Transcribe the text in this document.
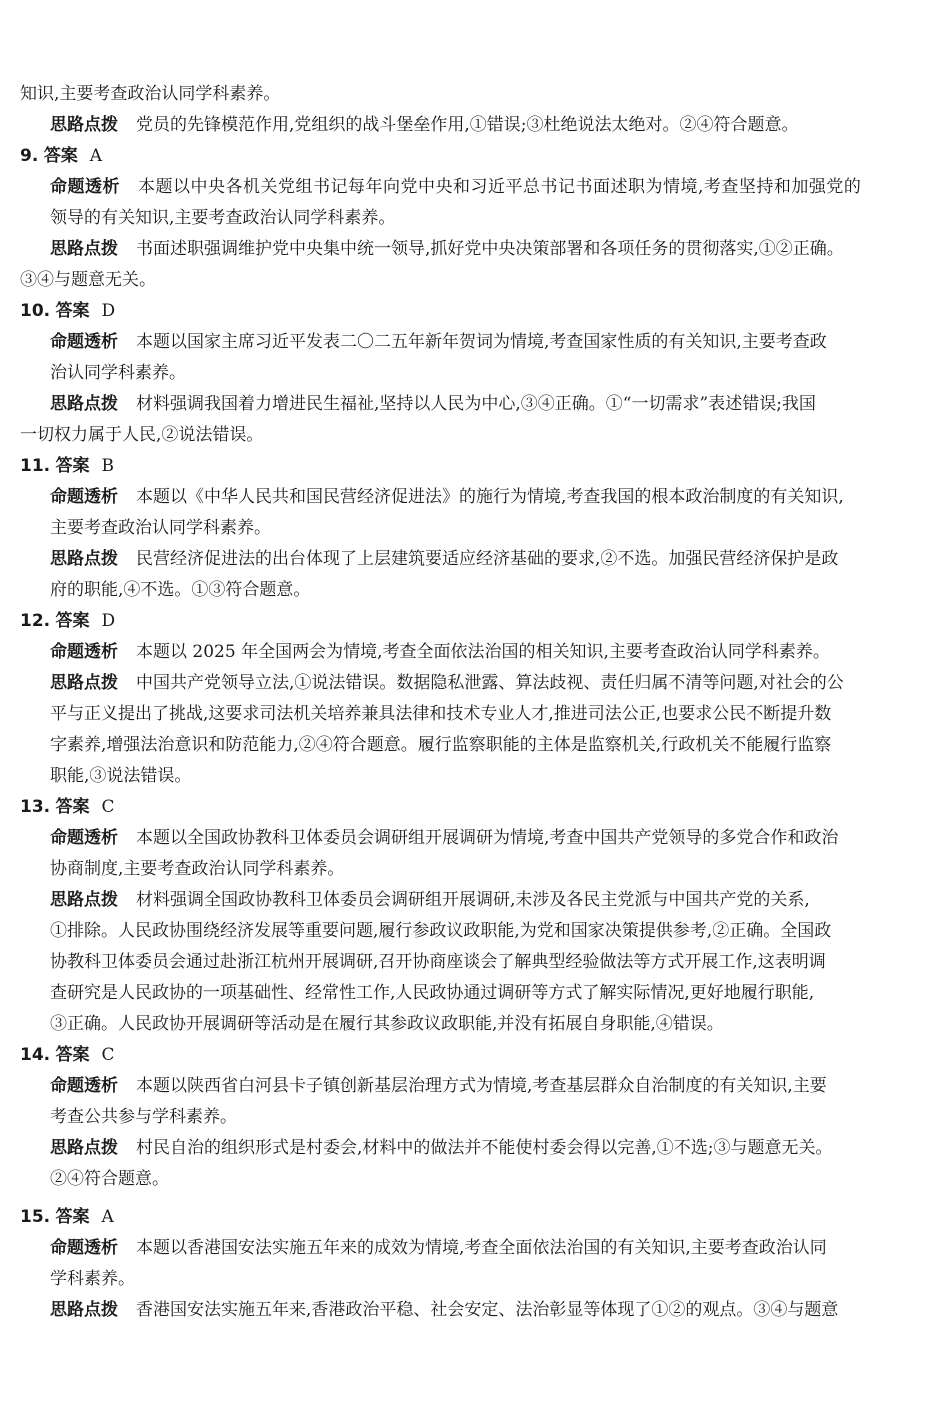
知识,主要考查政治认同学科素养。
思路点拨 党员的先锋模范作用,党组织的战斗堡垒作用,①错误;③杜绝说法太绝对。②④符合题意。
9. 答案 A
命题透析 本题以中央各机关党组书记每年向党中央和习近平总书记书面述职为情境,考查坚持和加强党的
领导的有关知识,主要考查政治认同学科素养。
思路点拨 书面述职强调维护党中央集中统一领导,抓好党中央决策部署和各项任务的贯彻落实,①②正确。
③④与题意无关。
10. 答案 D
命题透析 本题以国家主席习近平发表二〇二五年新年贺词为情境,考查国家性质的有关知识,主要考查政
治认同学科素养。
思路点拨 材料强调我国着力增进民生福祉,坚持以人民为中心,③④正确。①“一切需求”表述错误;我国
一切权力属于人民,②说法错误。
11. 答案 B
命题透析 本题以《中华人民共和国民营经济促进法》的施行为情境,考查我国的根本政治制度的有关知识,
主要考查政治认同学科素养。
思路点拨 民营经济促进法的出台体现了上层建筑要适应经济基础的要求,②不选。加强民营经济保护是政
府的职能,④不选。①③符合题意。
12. 答案 D
命题透析 本题以 2025 年全国两会为情境,考查全面依法治国的相关知识,主要考查政治认同学科素养。
思路点拨 中国共产党领导立法,①说法错误。数据隐私泄露、算法歧视、责任归属不清等问题,对社会的公
平与正义提出了挑战,这要求司法机关培养兼具法律和技术专业人才,推进司法公正,也要求公民不断提升数
字素养,增强法治意识和防范能力,②④符合题意。履行监察职能的主体是监察机关,行政机关不能履行监察
职能,③说法错误。
13. 答案 C
命题透析 本题以全国政协教科卫体委员会调研组开展调研为情境,考查中国共产党领导的多党合作和政治
协商制度,主要考查政治认同学科素养。
思路点拨 材料强调全国政协教科卫体委员会调研组开展调研,未涉及各民主党派与中国共产党的关系,
①排除。人民政协围绕经济发展等重要问题,履行参政议政职能,为党和国家决策提供参考,②正确。全国政
协教科卫体委员会通过赴浙江杭州开展调研,召开协商座谈会了解典型经验做法等方式开展工作,这表明调
查研究是人民政协的一项基础性、经常性工作,人民政协通过调研等方式了解实际情况,更好地履行职能,
③正确。人民政协开展调研等活动是在履行其参政议政职能,并没有拓展自身职能,④错误。
14. 答案 C
命题透析 本题以陕西省白河县卡子镇创新基层治理方式为情境,考查基层群众自治制度的有关知识,主要
考查公共参与学科素养。
思路点拨 村民自治的组织形式是村委会,材料中的做法并不能使村委会得以完善,①不选;③与题意无关。
②④符合题意。
15. 答案 A
命题透析 本题以香港国安法实施五年来的成效为情境,考查全面依法治国的有关知识,主要考查政治认同
学科素养。
思路点拨 香港国安法实施五年来,香港政治平稳、社会安定、法治彰显等体现了①②的观点。③④与题意
